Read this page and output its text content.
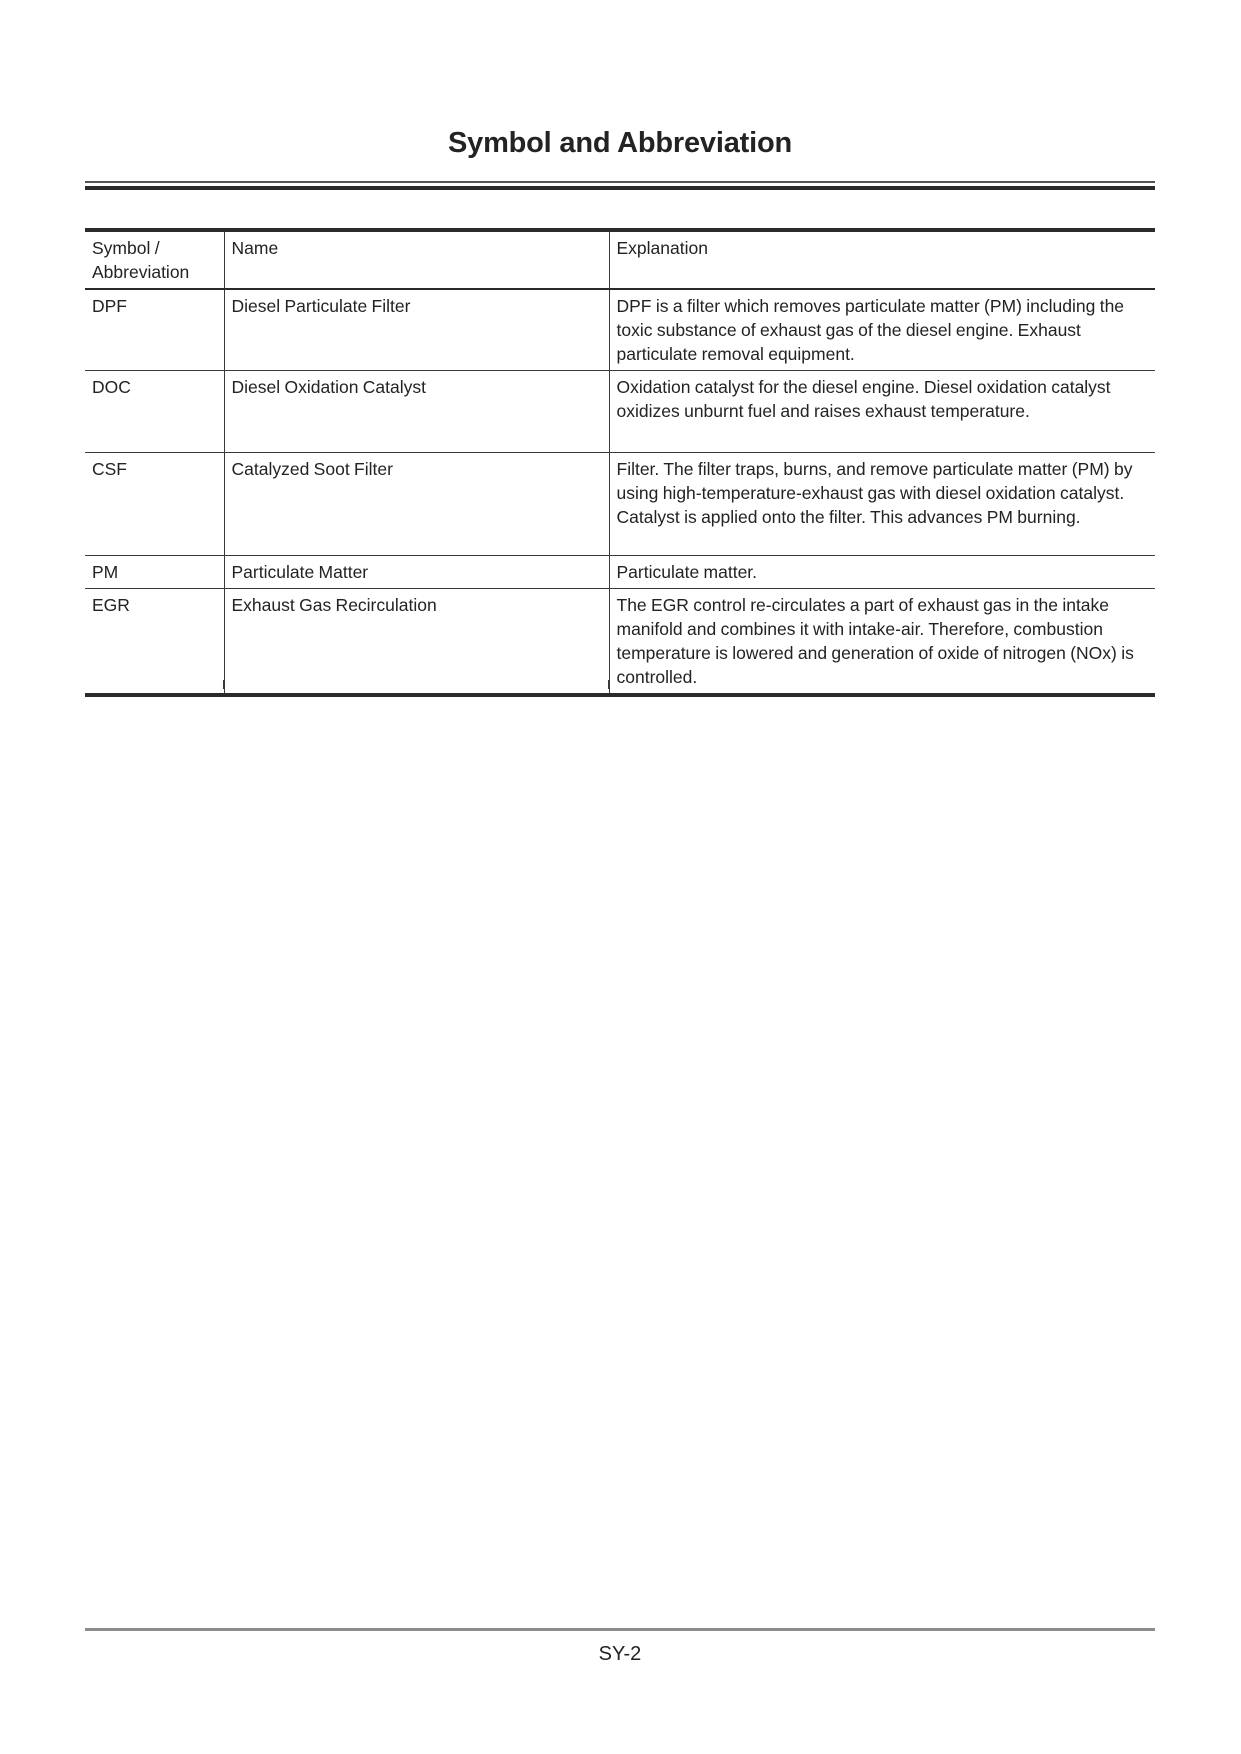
Symbol and Abbreviation
Symbol / Abbreviation	Name	Explanation
DPF	Diesel Particulate Filter	DPF is a filter which removes particulate matter (PM) including the toxic substance of exhaust gas of the diesel engine. Exhaust particulate removal equipment.
DOC	Diesel Oxidation Catalyst	Oxidation catalyst for the diesel engine. Diesel oxidation catalyst oxidizes unburnt fuel and raises exhaust temperature.
CSF	Catalyzed Soot Filter	Filter. The filter traps, burns, and remove particulate matter (PM) by using high-temperature-exhaust gas with diesel oxidation catalyst. Catalyst is applied onto the filter. This advances PM burning.
PM	Particulate Matter	Particulate matter.
EGR	Exhaust Gas Recirculation	The EGR control re-circulates a part of exhaust gas in the intake manifold and combines it with intake-air. Therefore, combustion temperature is lowered and generation of oxide of nitrogen (NOx) is controlled.
SY-2
